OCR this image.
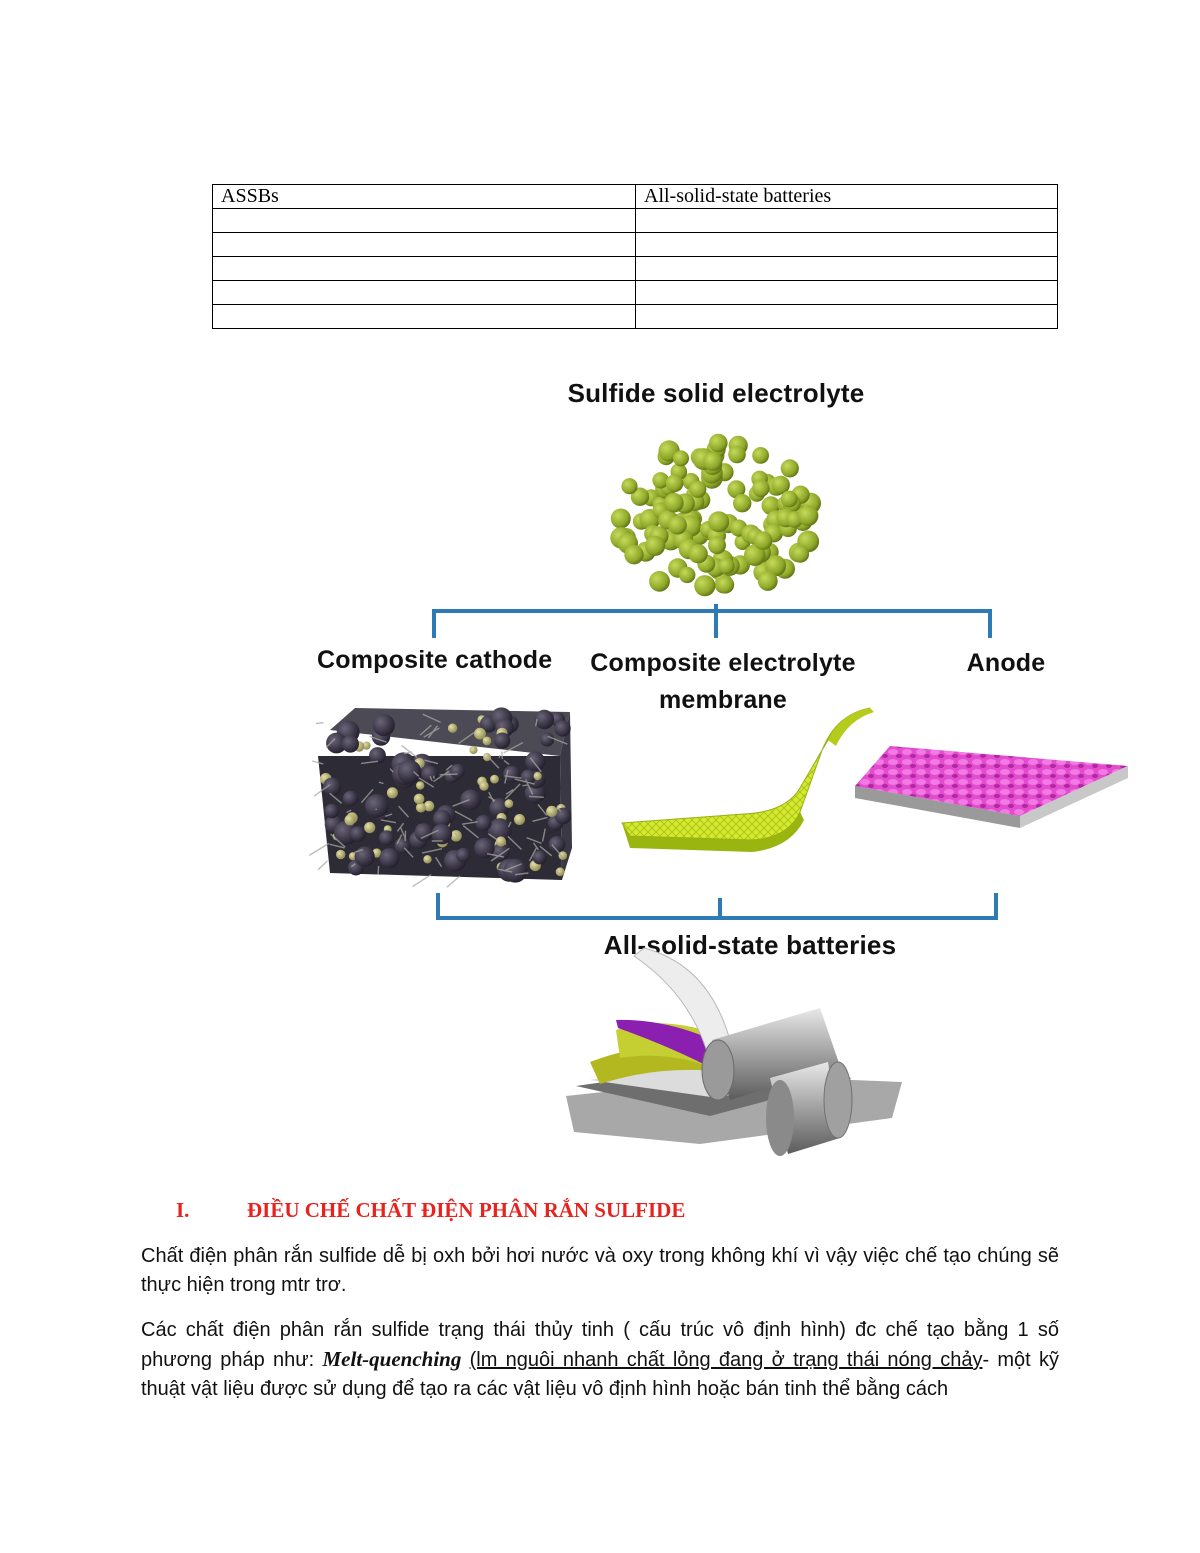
ASSBs	All-solid-state batteries

Sulfide solid electrolyte
Composite cathode Composite electrolyte
membrane
Anode
All-solid-state batteries
I.	ĐIỀU CHẾ CHẤT ĐIỆN PHÂN RẮN SULFIDE
Chất điện phân rắn sulfide dễ bị oxh bởi hơi nước và oxy trong không khí vì vậy việc chế tạo chúng sẽ thực hiện trong mtr trơ.
Các chất điện phân rắn sulfide trạng thái thủy tinh ( cấu trúc vô định hình) đc chế tạo bằng 1 số phương pháp như: Melt-quenching (lm nguôi nhanh chất lỏng đang ở trạng thái nóng chảy- một kỹ thuật vật liệu được sử dụng để tạo ra các vật liệu vô định hình hoặc bán tinh thể bằng cách
